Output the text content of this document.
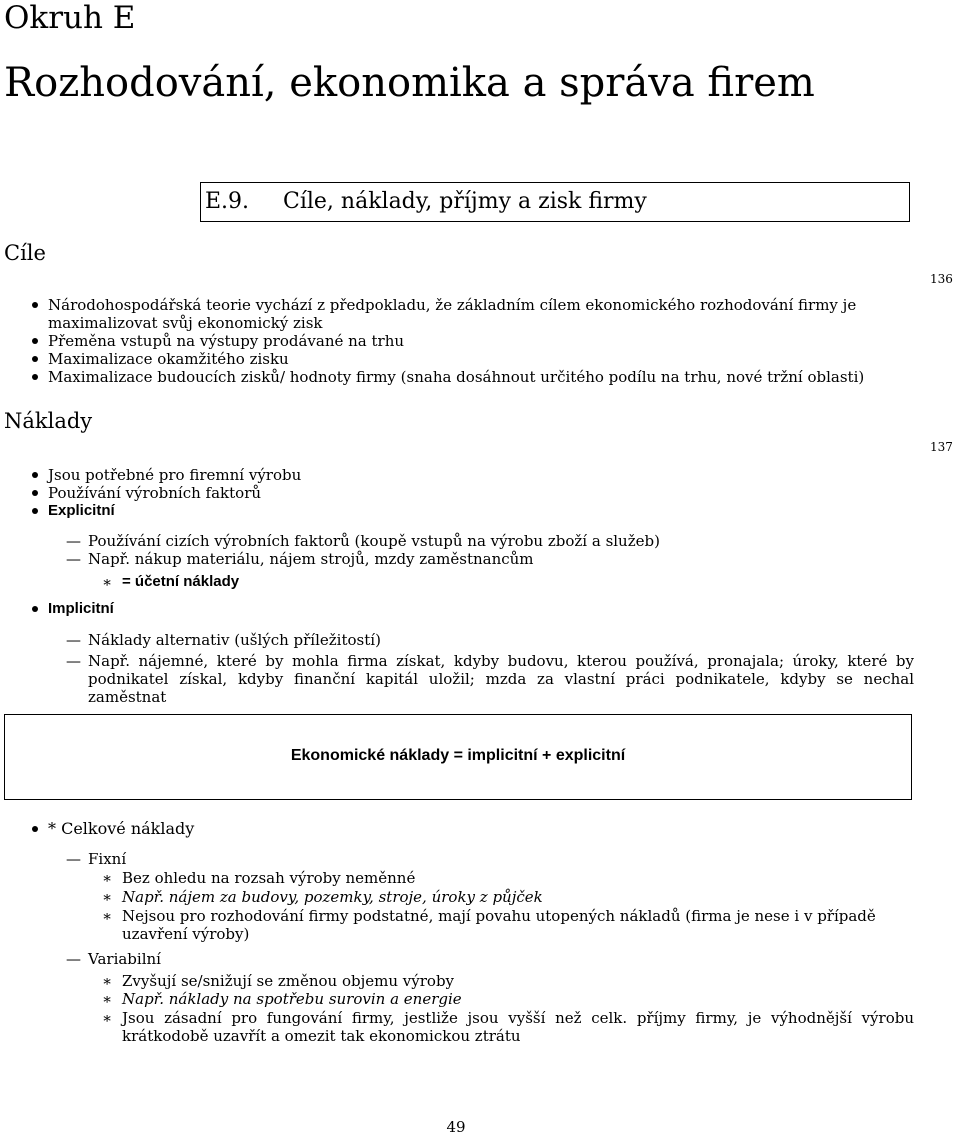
Okruh E
Rozhodování, ekonomika a správa firem
E.9. Cíle, náklady, příjmy a zisk firmy
Cíle
136
Národohospodářská teorie vychází z předpokladu, že základním cílem ekonomického rozhodování firmy je maximalizovat svůj ekonomický zisk
Přeměna vstupů na výstupy prodávané na trhu
Maximalizace okamžitého zisku
Maximalizace budoucích zisků/ hodnoty firmy (snaha dosáhnout určitého podílu na trhu, nové tržní oblasti)
Náklady
137
Jsou potřebné pro firemní výrobu
Používání výrobních faktorů
Explicitní
— Používání cizích výrobních faktorů (koupě vstupů na výrobu zboží a služeb)
— Např. nákup materiálu, nájem strojů, mzdy zaměstnancům
∗ = účetní náklady
Implicitní
— Náklady alternativ (ušlých příležitostí)
— Např. nájemné, které by mohla firma získat, kdyby budovu, kterou používá, pronajala; úroky, které by podnikatel získal, kdyby finanční kapitál uložil; mzda za vlastní práci podnikatele, kdyby se nechal zaměstnat
Ekonomické náklady = implicitní + explicitní
* Celkové náklady
— Fixní
∗ Bez ohledu na rozsah výroby neměnné
∗ Např. nájem za budovy, pozemky, stroje, úroky z půjček
∗ Nejsou pro rozhodování firmy podstatné, mají povahu utopených nákladů (firma je nese i v případě uzavření výroby)
— Variabilní
∗ Zvyšují se/snižují se změnou objemu výroby
∗ Např. náklady na spotřebu surovin a energie
∗ Jsou zásadní pro fungování firmy, jestliže jsou vyšší než celk. příjmy firmy, je výhodnější výrobu krátkodobě uzavřít a omezit tak ekonomickou ztrátu
49
